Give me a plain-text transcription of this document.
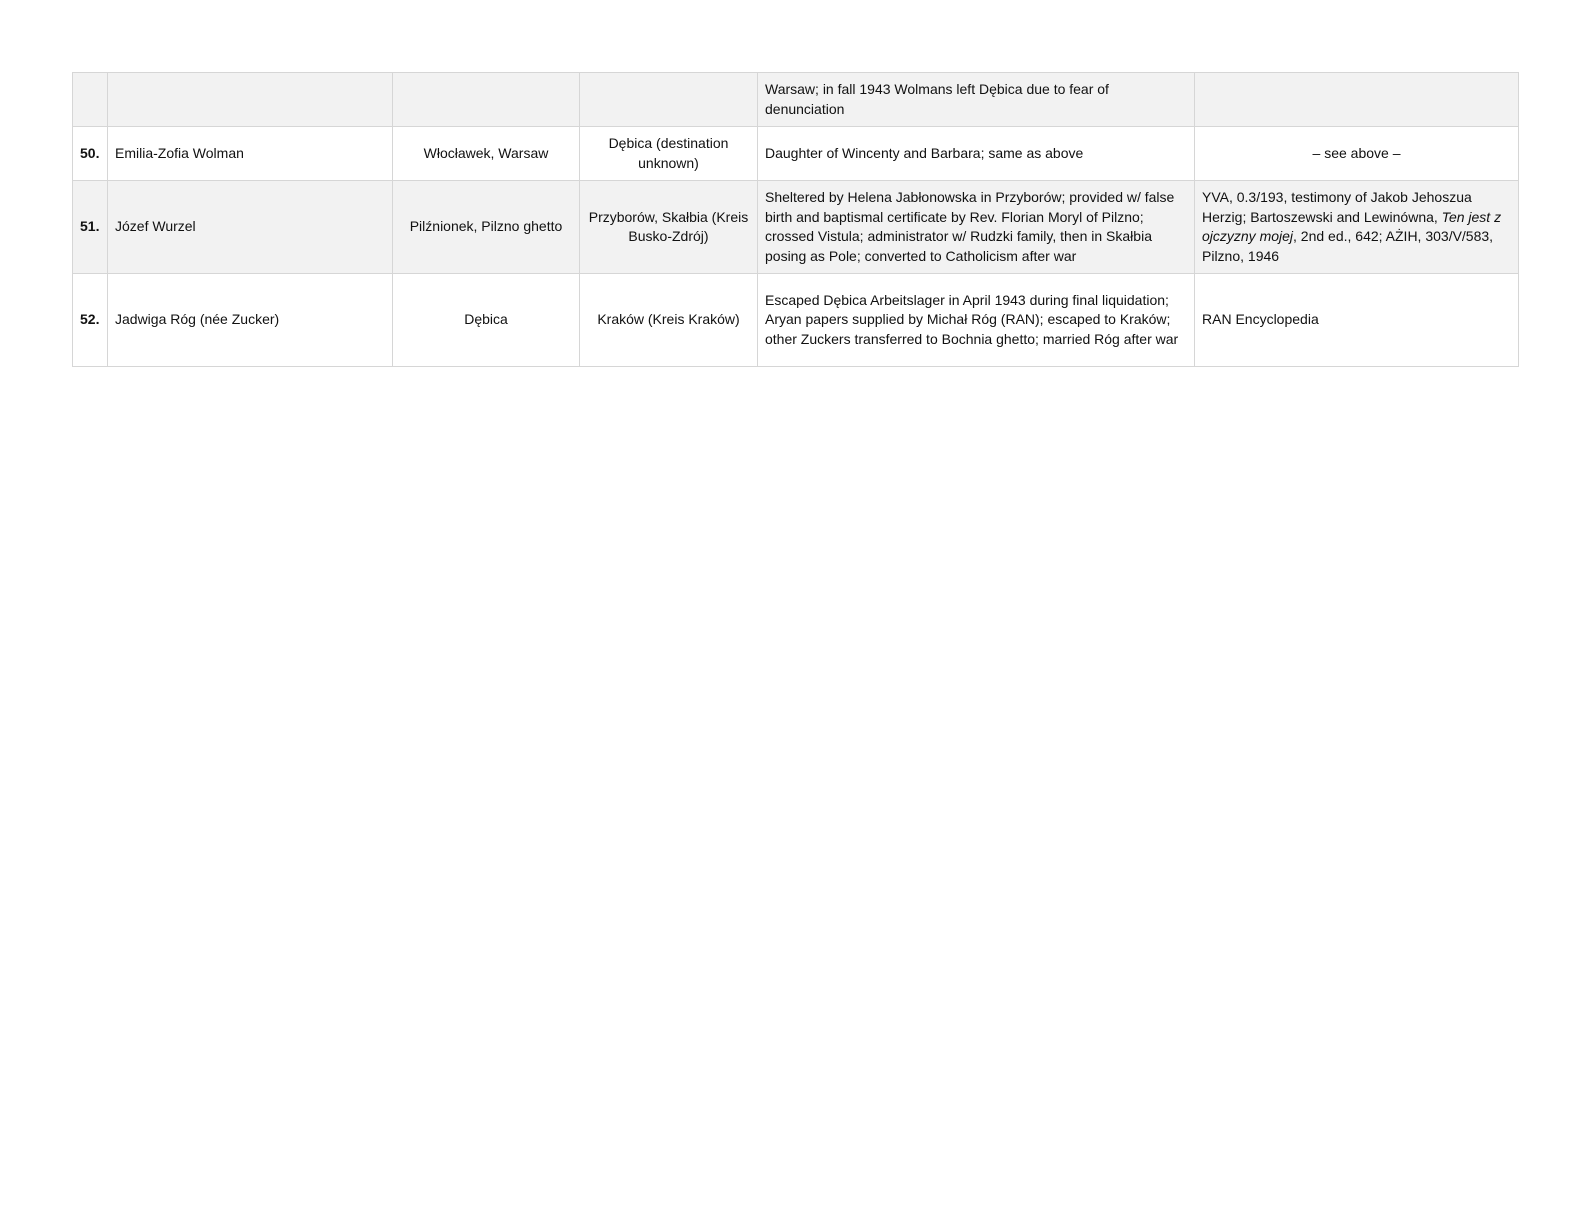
				Warsaw; in fall 1943 Wolmans left Dębica due to fear of denunciation	
50.	Emilia-Zofia Wolman	Włocławek, Warsaw	Dębica (destination unknown)	Daughter of Wincenty and Barbara; same as above	– see above –
51.	Józef Wurzel	Pilźnionek, Pilzno ghetto	Przyborów, Skałbia (Kreis Busko-Zdrój)	Sheltered by Helena Jabłonowska in Przyborów; provided w/ false birth and baptismal certificate by Rev. Florian Moryl of Pilzno; crossed Vistula; administrator w/ Rudzki family, then in Skałbia posing as Pole; converted to Catholicism after war	YVA, 0.3/193, testimony of Jakob Jehoszua Herzig; Bartoszewski and Lewinówna, Ten jest z ojczyzny mojej, 2nd ed., 642; AŻIH, 303/V/583, Pilzno, 1946
52.	Jadwiga Róg (née Zucker)	Dębica	Kraków (Kreis Kraków)	Escaped Dębica Arbeitslager in April 1943 during final liquidation; Aryan papers supplied by Michał Róg (RAN); escaped to Kraków; other Zuckers transferred to Bochnia ghetto; married Róg after war	RAN Encyclopedia
